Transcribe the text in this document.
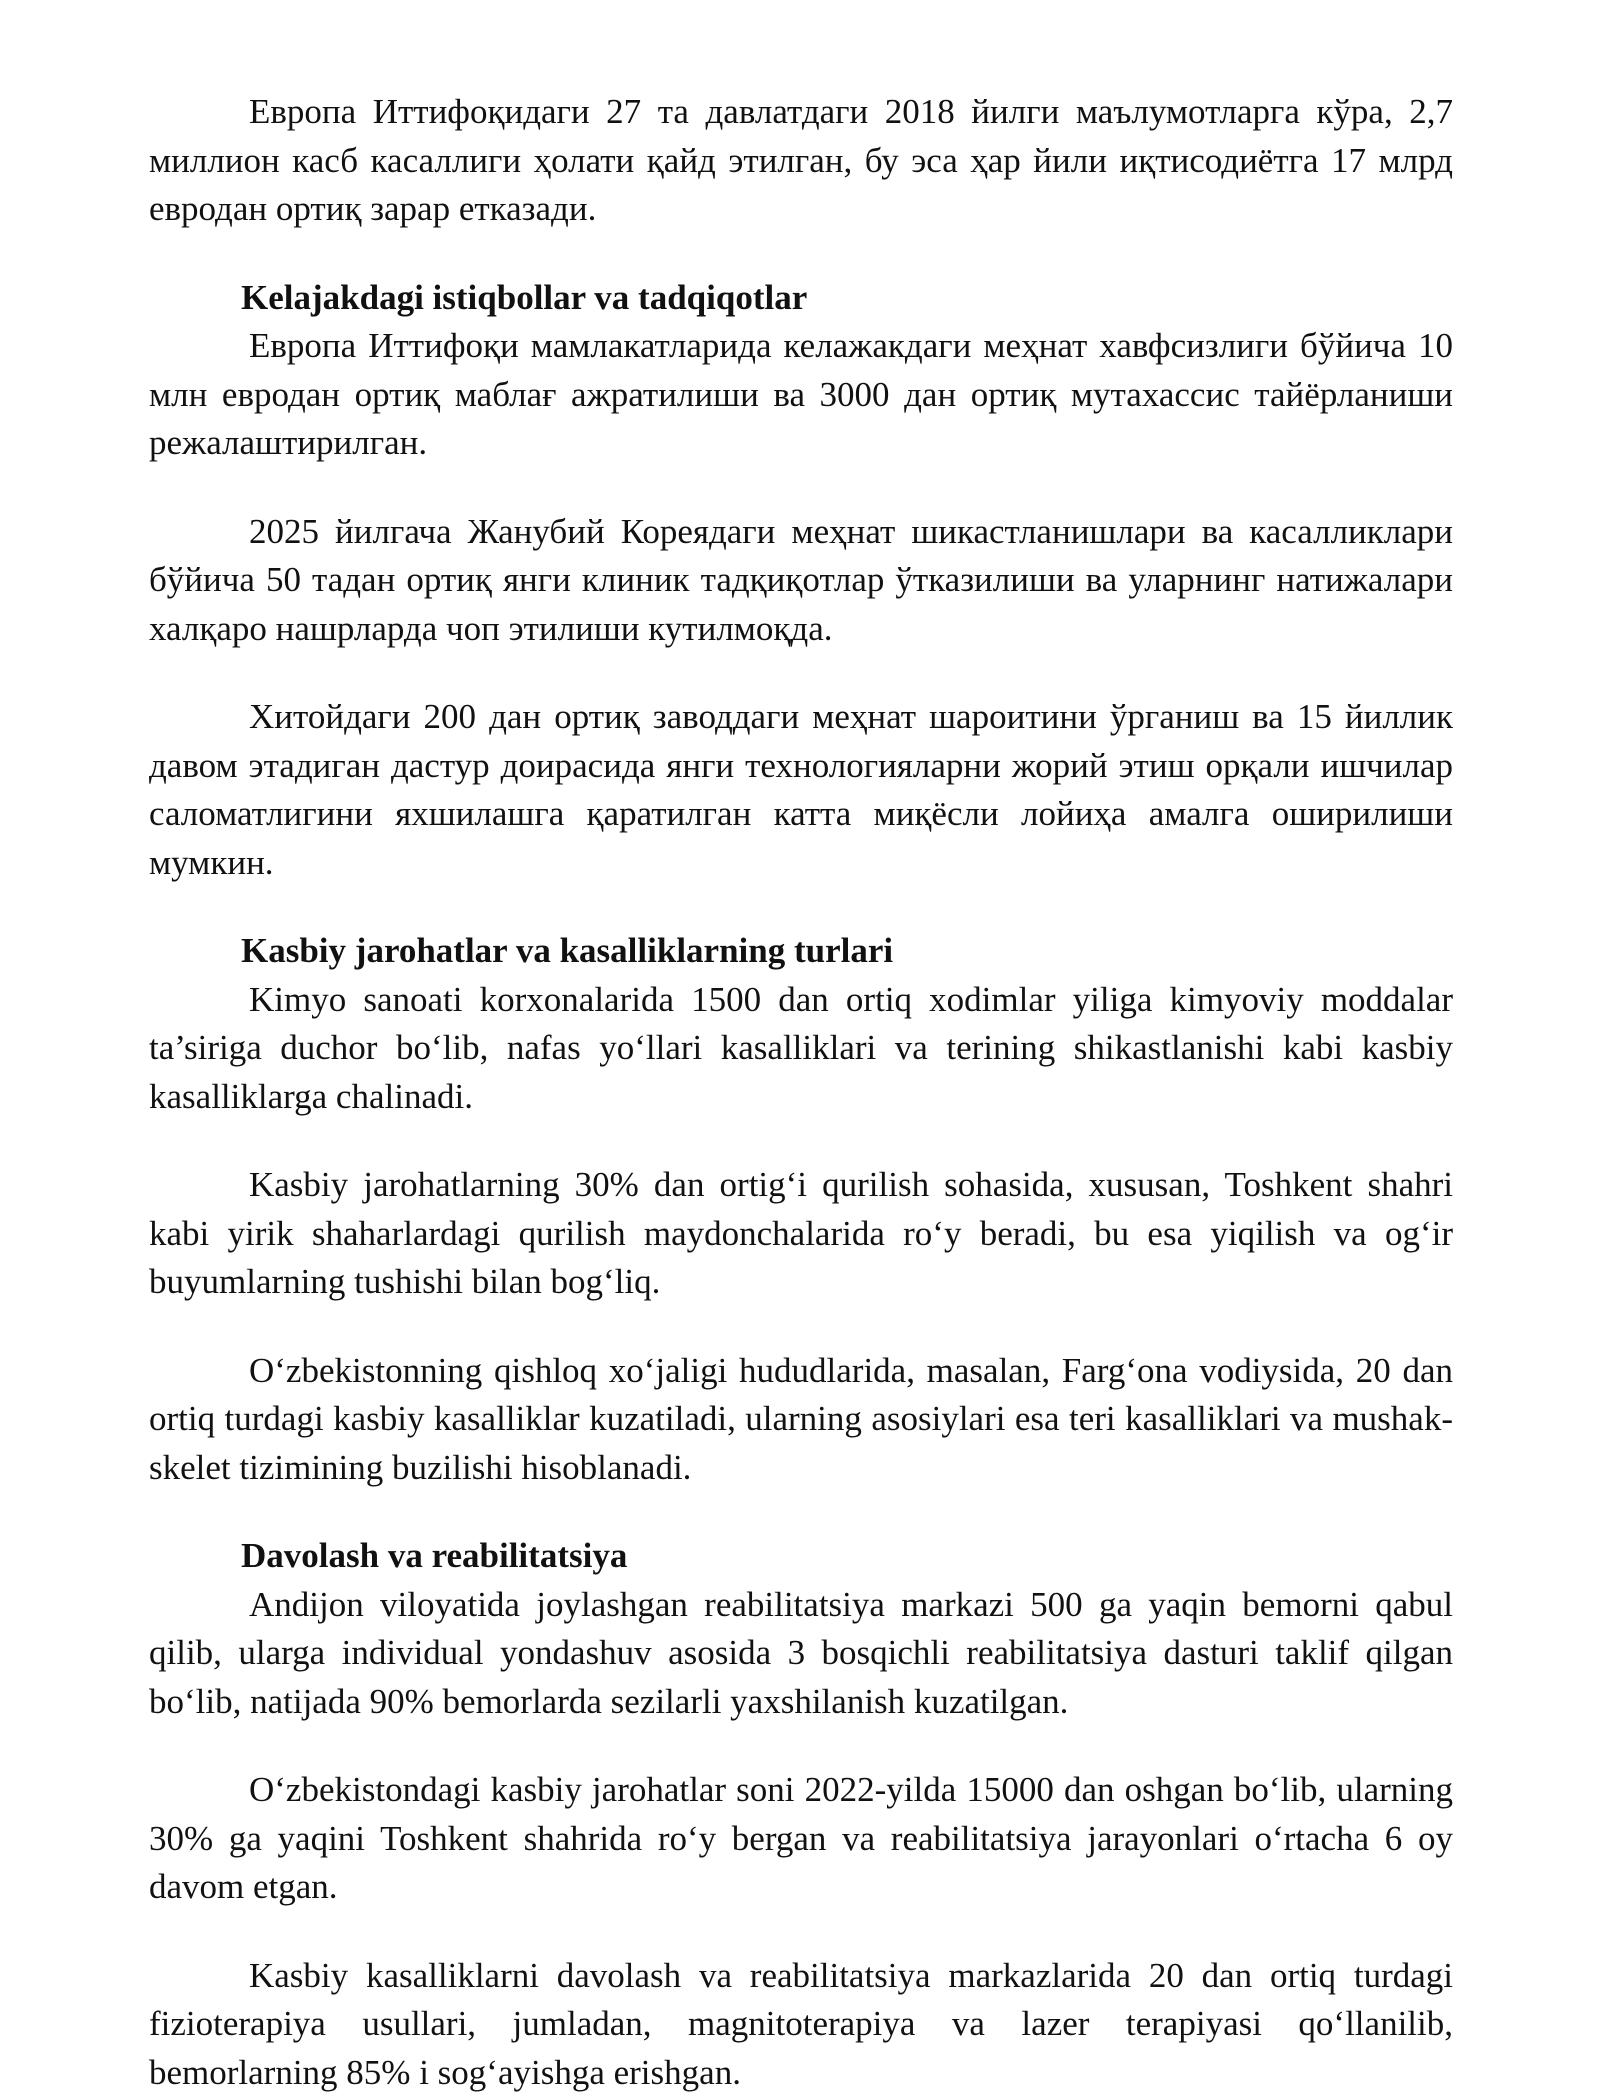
Европа Иттифоқидаги 27 та давлатдаги 2018 йилги маълумотларга кўра, 2,7 миллион касб касаллиги ҳолати қайд этилган, бу эса ҳар йили иқтисодиётга 17 млрд евродан ортиқ зарар етказади.

Kelajakdagi istiqbollar va tadqiqotlar

Европа Иттифоқи мамлакатларида келажакдаги меҳнат хавфсизлиги бўйича 10 млн евродан ортиқ маблағ ажратилиши ва 3000 дан ортиқ мутахассис тайёрланиши режалаштирилган.

2025 йилгача Жанубий Кореядаги меҳнат шикастланишлари ва касалликлари бўйича 50 тадан ортиқ янги клиник тадқиқотлар ўтказилиши ва уларнинг натижалари халқаро нашрларда чоп этилиши кутилмоқда.

Хитойдаги 200 дан ортиқ заводдаги меҳнат шароитини ўрганиш ва 15 йиллик давом этадиган дастур доирасида янги технологияларни жорий этиш орқали ишчилар саломатлигини яхшилашга қаратилган катта миқёсли лойиҳа амалга оширилиши мумкин.

Kasbiy jarohatlar va kasalliklarning turlari

Kimyo sanoati korxonalarida 1500 dan ortiq xodimlar yiliga kimyoviy moddalar ta’siriga duchor bo‘lib, nafas yo‘llari kasalliklari va terining shikastlanishi kabi kasbiy kasalliklarga chalinadi.

Kasbiy jarohatlarning 30% dan ortig‘i qurilish sohasida, xususan, Toshkent shahri kabi yirik shaharlardagi qurilish maydonchalarida ro‘y beradi, bu esa yiqilish va og‘ir buyumlarning tushishi bilan bog‘liq.

O‘zbekistonning qishloq xo‘jaligi hududlarida, masalan, Farg‘ona vodiysida, 20 dan ortiq turdagi kasbiy kasalliklar kuzatiladi, ularning asosiylari esa teri kasalliklari va mushak-skelet tizimining buzilishi hisoblanadi.

Davolash va reabilitatsiya

Andijon viloyatida joylashgan reabilitatsiya markazi 500 ga yaqin bemorni qabul qilib, ularga individual yondashuv asosida 3 bosqichli reabilitatsiya dasturi taklif qilgan bo‘lib, natijada 90% bemorlarda sezilarli yaxshilanish kuzatilgan.

O‘zbekistondagi kasbiy jarohatlar soni 2022-yilda 15000 dan oshgan bo‘lib, ularning 30% ga yaqini Toshkent shahrida ro‘y bergan va reabilitatsiya jarayonlari o‘rtacha 6 oy davom etgan.

Kasbiy kasalliklarni davolash va reabilitatsiya markazlarida 20 dan ortiq turdagi fizioterapiya usullari, jumladan, magnitoterapiya va lazer terapiyasi qo‘llanilib, bemorlarning 85% i sog‘ayishga erishgan.
